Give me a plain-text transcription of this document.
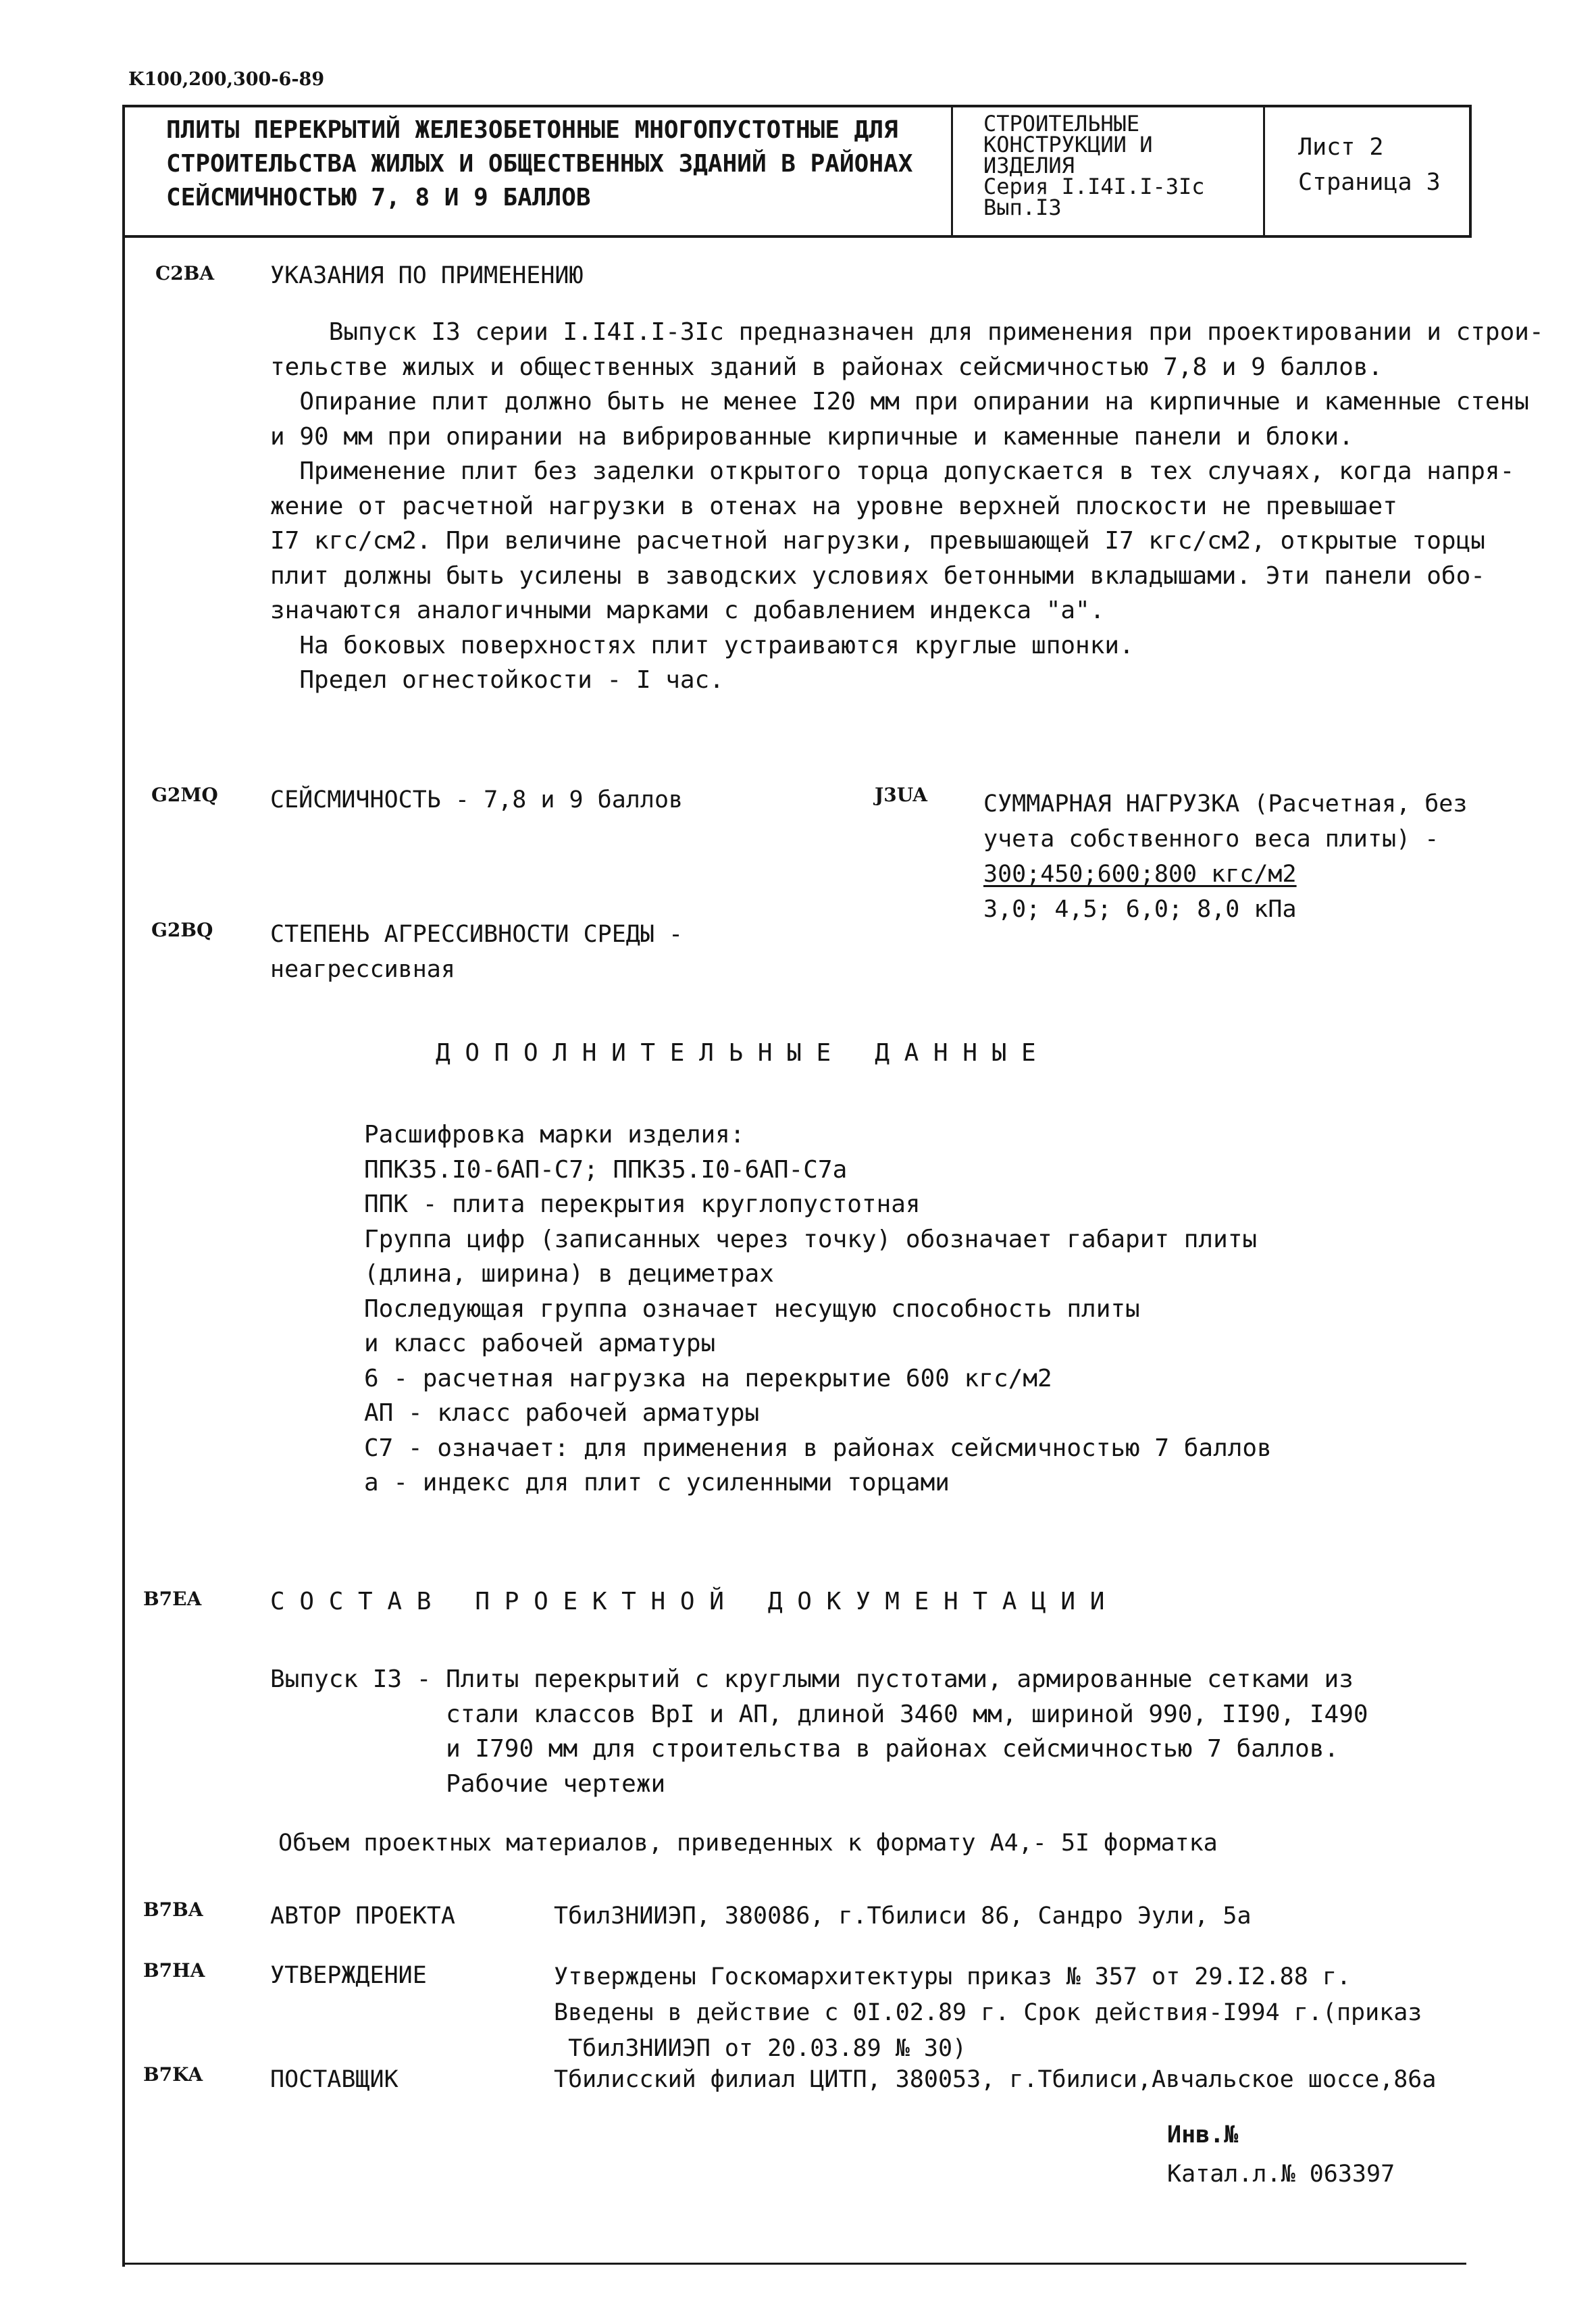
K100,200,300-6-89
ПЛИТЫ ПЕРЕКРЫТИЙ ЖЕЛЕЗОБЕТОННЫЕ МНОГОПУСТОТНЫЕ ДЛЯ
СТРОИТЕЛЬСТВА ЖИЛЫХ И ОБЩЕСТВЕННЫХ ЗДАНИЙ В РАЙОНАХ
СЕЙСМИЧНОСТЬЮ 7, 8 И 9 БАЛЛОВ
СТРОИТЕЛЬНЫЕ
КОНСТРУКЦИИ И
ИЗДЕЛИЯ
Серия I.I4I.I-3Iс
Вып.I3
Лист 2
Страница 3
C2BA УКАЗАНИЯ ПО ПРИМЕНЕНИЮ
Выпуск I3 серии I.I4I.I-3Iс предназначен для применения при проектировании и строи-
тельстве жилых и общественных зданий в районах сейсмичностью 7,8 и 9 баллов.
Опирание плит должно быть не менее I20 мм при опирании на кирпичные и каменные стены
и 90 мм при опирании на вибрированные кирпичные и каменные панели и блоки.
Применение плит без заделки открытого торца допускается в тех случаях, когда напря-
жение от расчетной нагрузки в отенах на уровне верхней плоскости не превышает
I7 кгс/см2. При величине расчетной нагрузки, превышающей I7 кгс/см2, открытые торцы
плит должны быть усилены в заводских условиях бетонными вкладышами. Эти панели обо-
значаются аналогичными марками с добавлением индекса "а".
На боковых поверхностях плит устраиваются круглые шпонки.
Предел огнестойкости - I час.
G2MQ СЕЙСМИЧНОСТЬ - 7,8 и 9 баллов	J3UA СУММАРНАЯ НАГРУЗКА (Расчетная, без
учета собственного веса плиты) -
300;450;600;800 кгс/м2
3,0; 4,5; 6,0; 8,0 кПа
G2BQ СТЕПЕНЬ АГРЕССИВНОСТИ СРЕДЫ -
неагрессивная
Д О П О Л Н И Т Е Л Ь Н Ы Е   Д А Н Н Ы Е
Расшифровка марки изделия:
ППК35.I0-6АП-С7; ППК35.I0-6АП-С7а
ППК - плита перекрытия круглопустотная
Группа цифр (записанных через точку) обозначает габарит плиты
(длина, ширина) в дециметрах
Последующая группа означает несущую способность плиты
и класс рабочей арматуры
6 - расчетная нагрузка на перекрытие 600 кгс/м2
АП - класс рабочей арматуры
С7 - означает: для применения в районах сейсмичностью 7 баллов
а - индекс для плит с усиленными торцами
B7EA	С О С Т А В   П Р О Е К Т Н О Й   Д О К У М Е Н Т А Ц И И
Выпуск I3 - Плиты перекрытий с круглыми пустотами, армированные сетками из
стали классов ВрI и АП, длиной 3460 мм, шириной 990, II90, I490
и I790 мм для строительства в районах сейсмичностью 7 баллов.
Рабочие чертежи
Объем проектных материалов, приведенных к формату А4,- 5I форматка
B7BA	АВТОР ПРОЕКТА	ТбилЗНИИЭП, 380086, г.Тбилиси 86, Сандро Эули, 5а
B7HA	УТВЕРЖДЕНИЕ	Утверждены Госкомархитектуры приказ № 357 от 29.I2.88 г.
Введены в действие с 0I.02.89 г. Срок действия-I994 г.(приказ
ТбилЗНИИЭП от 20.03.89 № 30)
B7KA	ПОСТАВЩИК	Тбилисский филиал ЦИТП, 380053, г.Тбилиси,Авчальское шоссе,86а
Инв.№
Катал.л.№ 063397
